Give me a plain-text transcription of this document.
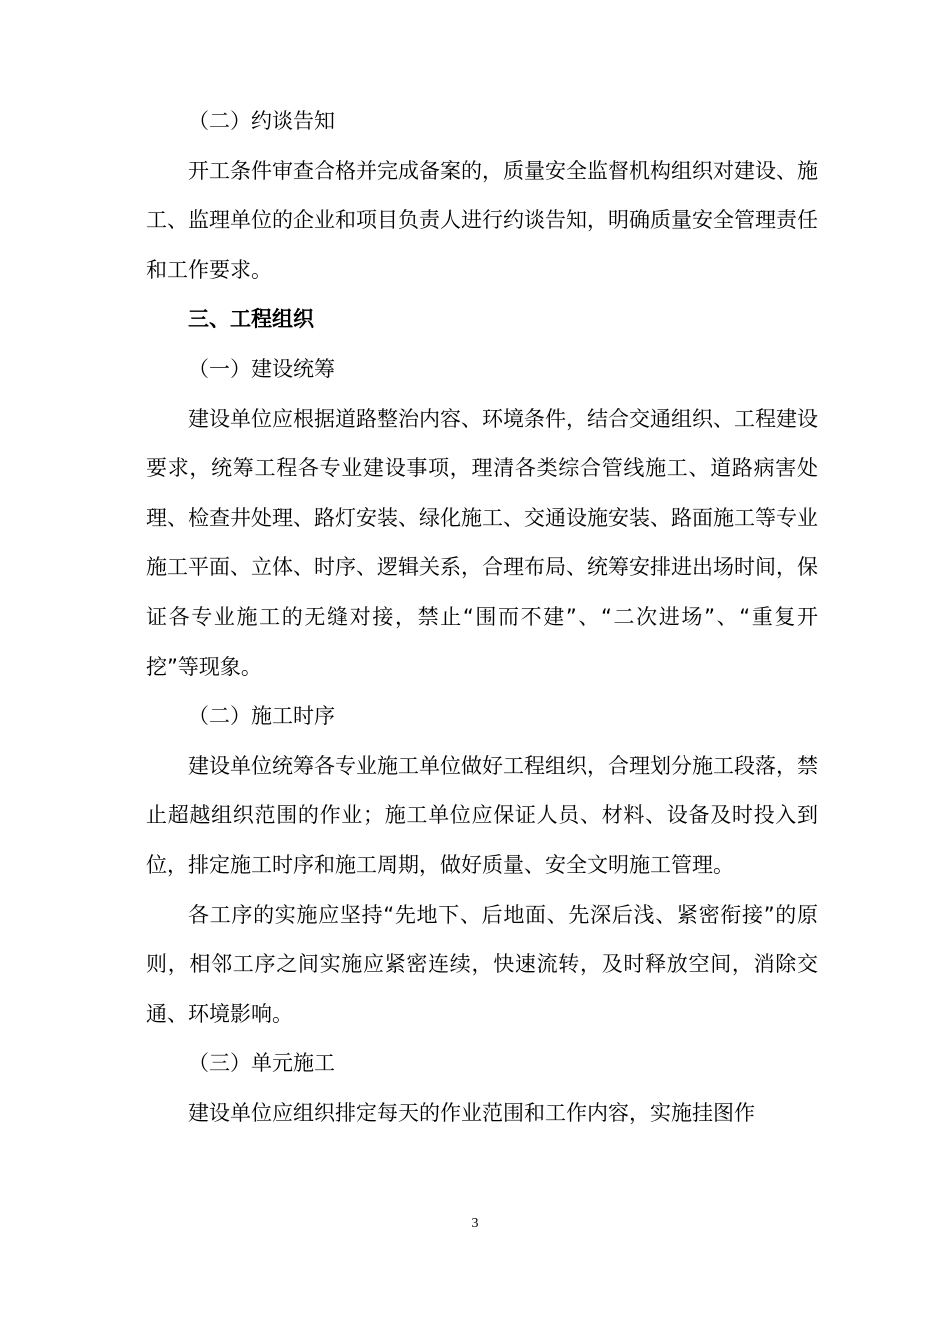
（二）约谈告知

开工条件审查合格并完成备案的，质量安全监督机构组织对建设、施工、监理单位的企业和项目负责人进行约谈告知，明确质量安全管理责任和工作要求。

三、工程组织

（一）建设统筹

建设单位应根据道路整治内容、环境条件，结合交通组织、工程建设要求，统筹工程各专业建设事项，理清各类综合管线施工、道路病害处理、检查井处理、路灯安装、绿化施工、交通设施安装、路面施工等专业施工平面、立体、时序、逻辑关系，合理布局、统筹安排进出场时间，保证各专业施工的无缝对接，禁止“围而不建”、“二次进场”、“重复开挖”等现象。

（二）施工时序

建设单位统筹各专业施工单位做好工程组织，合理划分施工段落，禁止超越组织范围的作业；施工单位应保证人员、材料、设备及时投入到位，排定施工时序和施工周期，做好质量、安全文明施工管理。

各工序的实施应坚持“先地下、后地面、先深后浅、紧密衔接”的原则，相邻工序之间实施应紧密连续，快速流转，及时释放空间，消除交通、环境影响。

（三）单元施工

建设单位应组织排定每天的作业范围和工作内容，实施挂图作

3
